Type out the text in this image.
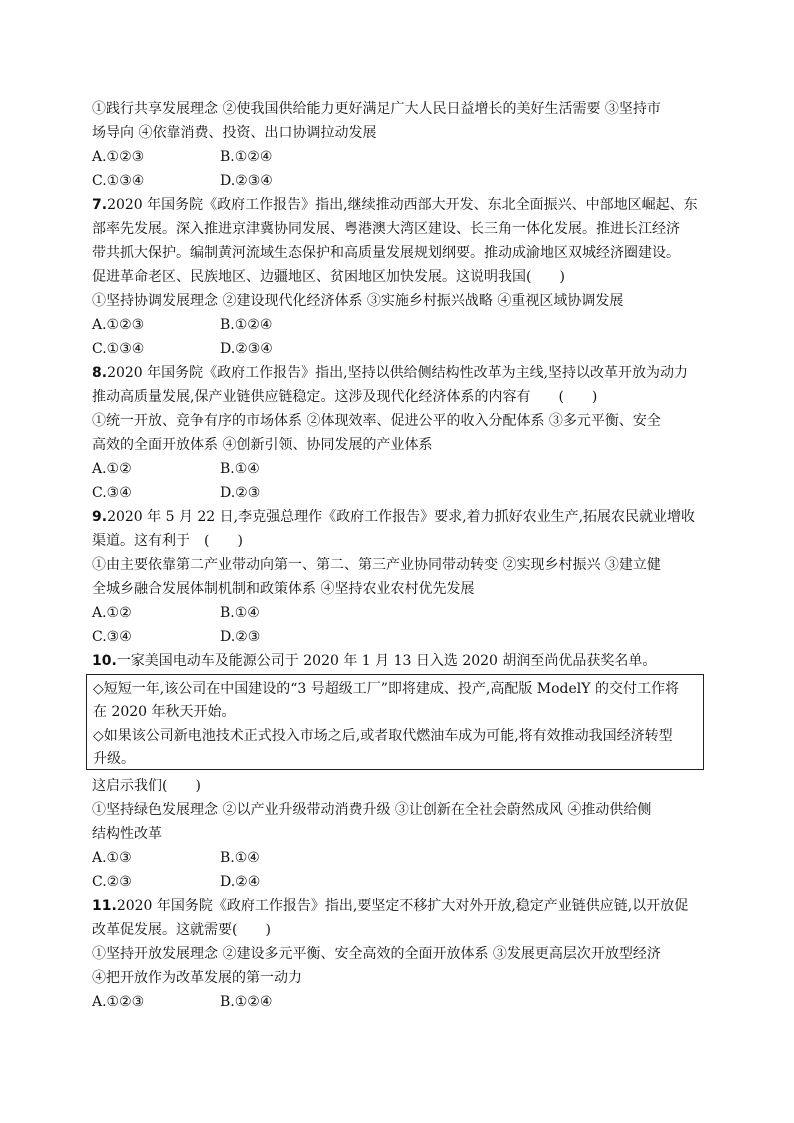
①践行共享发展理念 ②使我国供给能力更好满足广大人民日益增长的美好生活需要 ③坚持市
场导向 ④依靠消费、投资、出口协调拉动发展
A.①②③	B.①②④
C.①③④	D.②③④
7.2020 年国务院《政府工作报告》指出,继续推动西部大开发、东北全面振兴、中部地区崛起、东
部率先发展。深入推进京津冀协同发展、粤港澳大湾区建设、长三角一体化发展。推进长江经济
带共抓大保护。编制黄河流域生态保护和高质量发展规划纲要。推动成渝地区双城经济圈建设。
促进革命老区、民族地区、边疆地区、贫困地区加快发展。这说明我国(　　)
①坚持协调发展理念 ②建设现代化经济体系 ③实施乡村振兴战略 ④重视区域协调发展
A.①②③	B.①②④
C.①③④	D.②③④
8.2020 年国务院《政府工作报告》指出,坚持以供给侧结构性改革为主线,坚持以改革开放为动力
推动高质量发展,保产业链供应链稳定。这涉及现代化经济体系的内容有　　(　　)
①统一开放、竞争有序的市场体系 ②体现效率、促进公平的收入分配体系 ③多元平衡、安全
高效的全面开放体系 ④创新引领、协同发展的产业体系
A.①②	B.①④
C.③④	D.②③
9.2020 年 5 月 22 日,李克强总理作《政府工作报告》要求,着力抓好农业生产,拓展农民就业增收
渠道。这有利于　(　　)
①由主要依靠第二产业带动向第一、第二、第三产业协同带动转变 ②实现乡村振兴 ③建立健
全城乡融合发展体制机制和政策体系 ④坚持农业农村优先发展
A.①②	B.①④
C.③④	D.②③
10.一家美国电动车及能源公司于 2020 年 1 月 13 日入选 2020 胡润至尚优品获奖名单。
◇短短一年,该公司在中国建设的“3 号超级工厂”即将建成、投产,高配版 ModelY 的交付工作将
在 2020 年秋天开始。
◇如果该公司新电池技术正式投入市场之后,或者取代燃油车成为可能,将有效推动我国经济转型
升级。
这启示我们(　　)
①坚持绿色发展理念 ②以产业升级带动消费升级 ③让创新在全社会蔚然成风 ④推动供给侧
结构性改革
A.①③	B.①④
C.②③	D.②④
11.2020 年国务院《政府工作报告》指出,要坚定不移扩大对外开放,稳定产业链供应链,以开放促
改革促发展。这就需要(　　)
①坚持开放发展理念 ②建设多元平衡、安全高效的全面开放体系 ③发展更高层次开放型经济
④把开放作为改革发展的第一动力
A.①②③	B.①②④
